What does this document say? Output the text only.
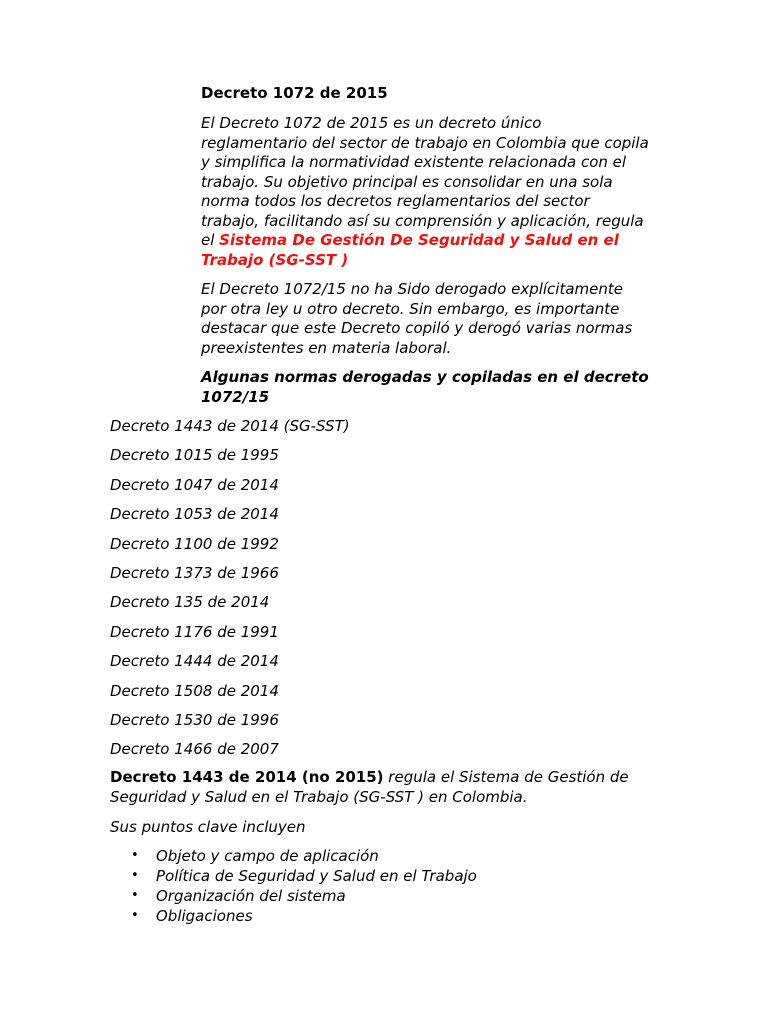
Decreto 1072 de 2015
El Decreto 1072 de 2015 es un decreto único reglamentario del sector de trabajo en Colombia que copila y simplifica la normatividad existente relacionada con el trabajo. Su objetivo principal es consolidar en una sola norma todos los decretos reglamentarios del sector trabajo, facilitando así su comprensión y aplicación, regula el Sistema De Gestión De Seguridad y Salud en el Trabajo (SG-SST )
El Decreto 1072/15 no ha Sido derogado explícitamente por otra ley u otro decreto. Sin embargo, es importante destacar que este Decreto copiló y derogó varias normas preexistentes en materia laboral.
Algunas normas derogadas y copiladas en el decreto 1072/15
Decreto 1443 de 2014 (SG-SST)
Decreto 1015 de 1995
Decreto 1047 de 2014
Decreto 1053 de 2014
Decreto 1100 de 1992
Decreto 1373 de 1966
Decreto 135 de 2014
Decreto 1176 de 1991
Decreto 1444 de 2014
Decreto 1508 de 2014
Decreto 1530 de 1996
Decreto 1466 de 2007
Decreto 1443 de 2014 (no 2015) regula el Sistema de Gestión de Seguridad y Salud en el Trabajo (SG-SST ) en Colombia.
Sus puntos clave incluyen
• Objeto y campo de aplicación
• Política de Seguridad y Salud en el Trabajo
• Organización del sistema
• Obligaciones
